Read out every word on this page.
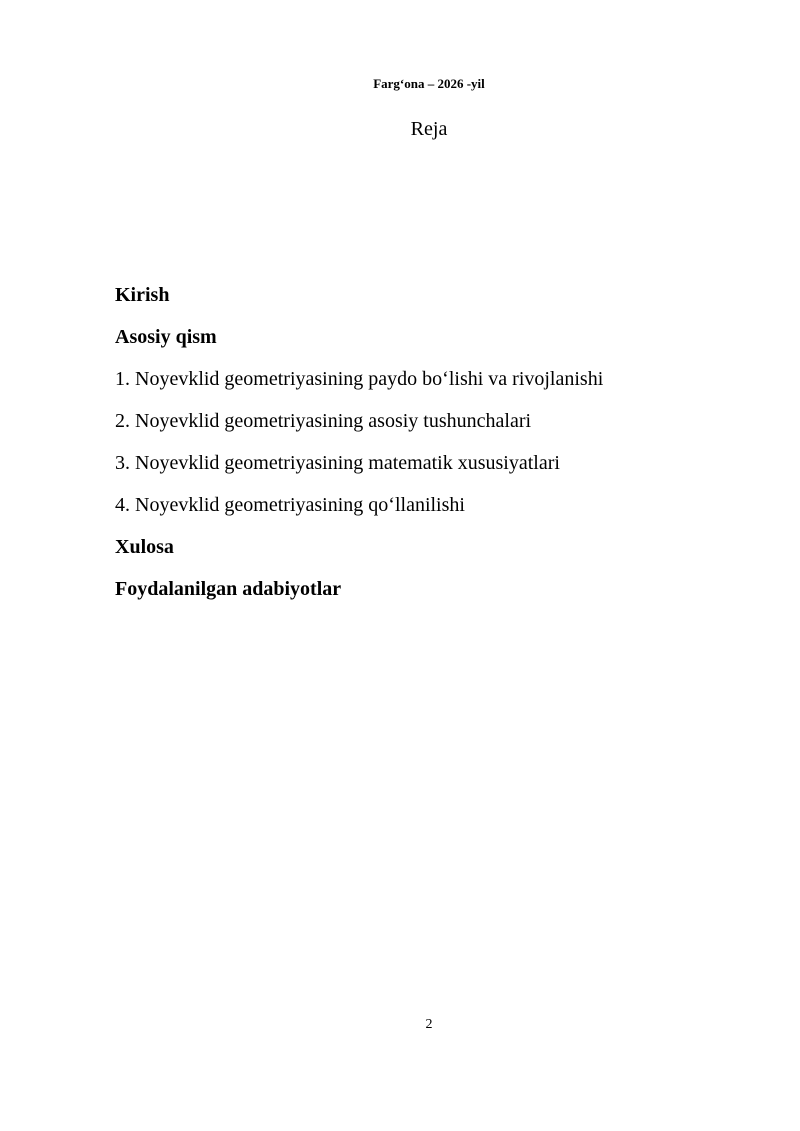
Farg‘ona – 2026 -yil
Reja
Kirish
Asosiy qism
1. Noyevklid geometriyasining paydo bo‘lishi va rivojlanishi
2. Noyevklid geometriyasining asosiy tushunchalari
3. Noyevklid geometriyasining matematik xususiyatlari
4. Noyevklid geometriyasining qo‘llanilishi
Xulosa
Foydalanilgan adabiyotlar
2
